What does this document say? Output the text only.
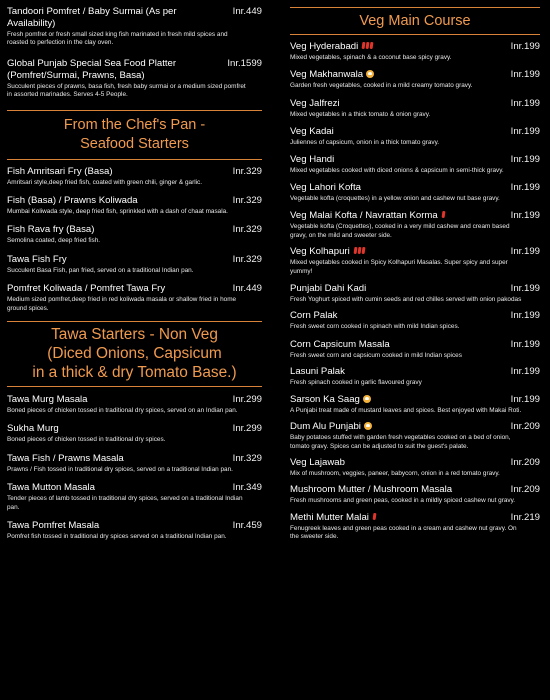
Tandoori Pomfret / Baby Surmai (As per Availability)
Inr.449
Fresh pomfret or fresh small sized king fish marinated in fresh mild spices and roasted to perfection in the clay oven.
Global Punjab Special Sea Food Platter (Pomfret/Surmai, Prawns, Basa)
Inr.1599
Succulent pieces of prawns, basa fish, fresh baby surmai or a medium sized pomfret in assorted marinades. Serves 4-5 People.
From the Chef's Pan -
Seafood Starters
Fish Amritsari Fry (Basa)	Inr.329
Amritsari style,deep fried fish, coated with green chili, ginger & garlic.
Fish (Basa) / Prawns Koliwada	Inr.329
Mumbai Koliwada style, deep fried fish, sprinkled with a dash of chaat masala.
Fish Rava fry (Basa)	Inr.329
Semolina coated, deep fried fish.
Tawa Fish Fry	Inr.329
Succulent Basa Fish, pan fried, served on a traditional Indian pan.
Pomfret Koliwada / Pomfret Tawa Fry	Inr.449
Medium sized pomfret,deep fried in red koliwada masala or shallow fried in home ground spices.
Tawa Starters - Non Veg
(Diced Onions, Capsicum
in a thick & dry Tomato Base.)
Tawa Murg Masala	Inr.299
Boned pieces of chicken tossed in traditional dry spices, served on an Indian pan.
Sukha Murg	Inr.299
Boned pieces of chicken tossed in traditional dry spices.
Tawa Fish / Prawns Masala	Inr.329
Prawns / Fish tossed in traditional dry spices, served on a traditional Indian pan.
Tawa Mutton Masala	Inr.349
Tender pieces of lamb tossed in traditional dry spices, served on a traditional Indian pan.
Tawa Pomfret Masala	Inr.459
Pomfret fish tossed in traditional dry spices served on a traditional Indian pan.
Veg Main Course
Veg Hyderabadi	Inr.199
Mixed vegetables, spinach & a coconut base spicy gravy.
Veg Makhanwala	Inr.199
Garden fresh vegetables, cooked in a mild creamy tomato gravy.
Veg Jalfrezi	Inr.199
Mixed vegetables in a thick tomato & onion gravy.
Veg Kadai	Inr.199
Juliennes of capsicum, onion in a thick tomato gravy.
Veg Handi	Inr.199
Mixed vegetables cooked with diced onions & capsicum in semi-thick gravy.
Veg Lahori Kofta	Inr.199
Vegetable kofta (croquettes) in a yellow onion and cashew nut base gravy.
Veg Malai Kofta / Navrattan Korma	Inr.199
Vegetable kofta (Croquettes), cooked in a very mild cashew and cream based gravy, on the mild and sweeter side.
Veg Kolhapuri	Inr.199
Mixed vegetables cooked in Spicy Kolhapuri Masalas. Super spicy and super yummy!
Punjabi Dahi Kadi	Inr.199
Fresh Yoghurt spiced with cumin seeds and red chilles served with onion pakodas
Corn Palak	Inr.199
Fresh sweet corn cooked in spinach with mild Indian spices.
Corn Capsicum Masala	Inr.199
Fresh sweet corn and capsicum cooked in mild Indian spices
Lasuni Palak	Inr.199
Fresh spinach cooked in garlic flavoured gravy
Sarson Ka Saag	Inr.199
A Punjabi treat made of mustard leaves and spices. Best enjoyed with Makai Roti.
Dum Alu Punjabi	Inr.209
Baby potatoes stuffed with garden fresh vegetables cooked on a bed of onion, tomato gravy. Spices can be adjusted to suit the guest's palate.
Veg Lajawab	Inr.209
Mix of mushroom, veggies, paneer, babycorn, onion in a red tomato gravy.
Mushroom Mutter / Mushroom Masala	Inr.209
Fresh mushrooms and green peas, cooked in a mildly spiced cashew nut gravy.
Methi Mutter Malai	Inr.219
Fenugreek leaves and green peas cooked in a cream and cashew nut gravy. On the sweeter side.
